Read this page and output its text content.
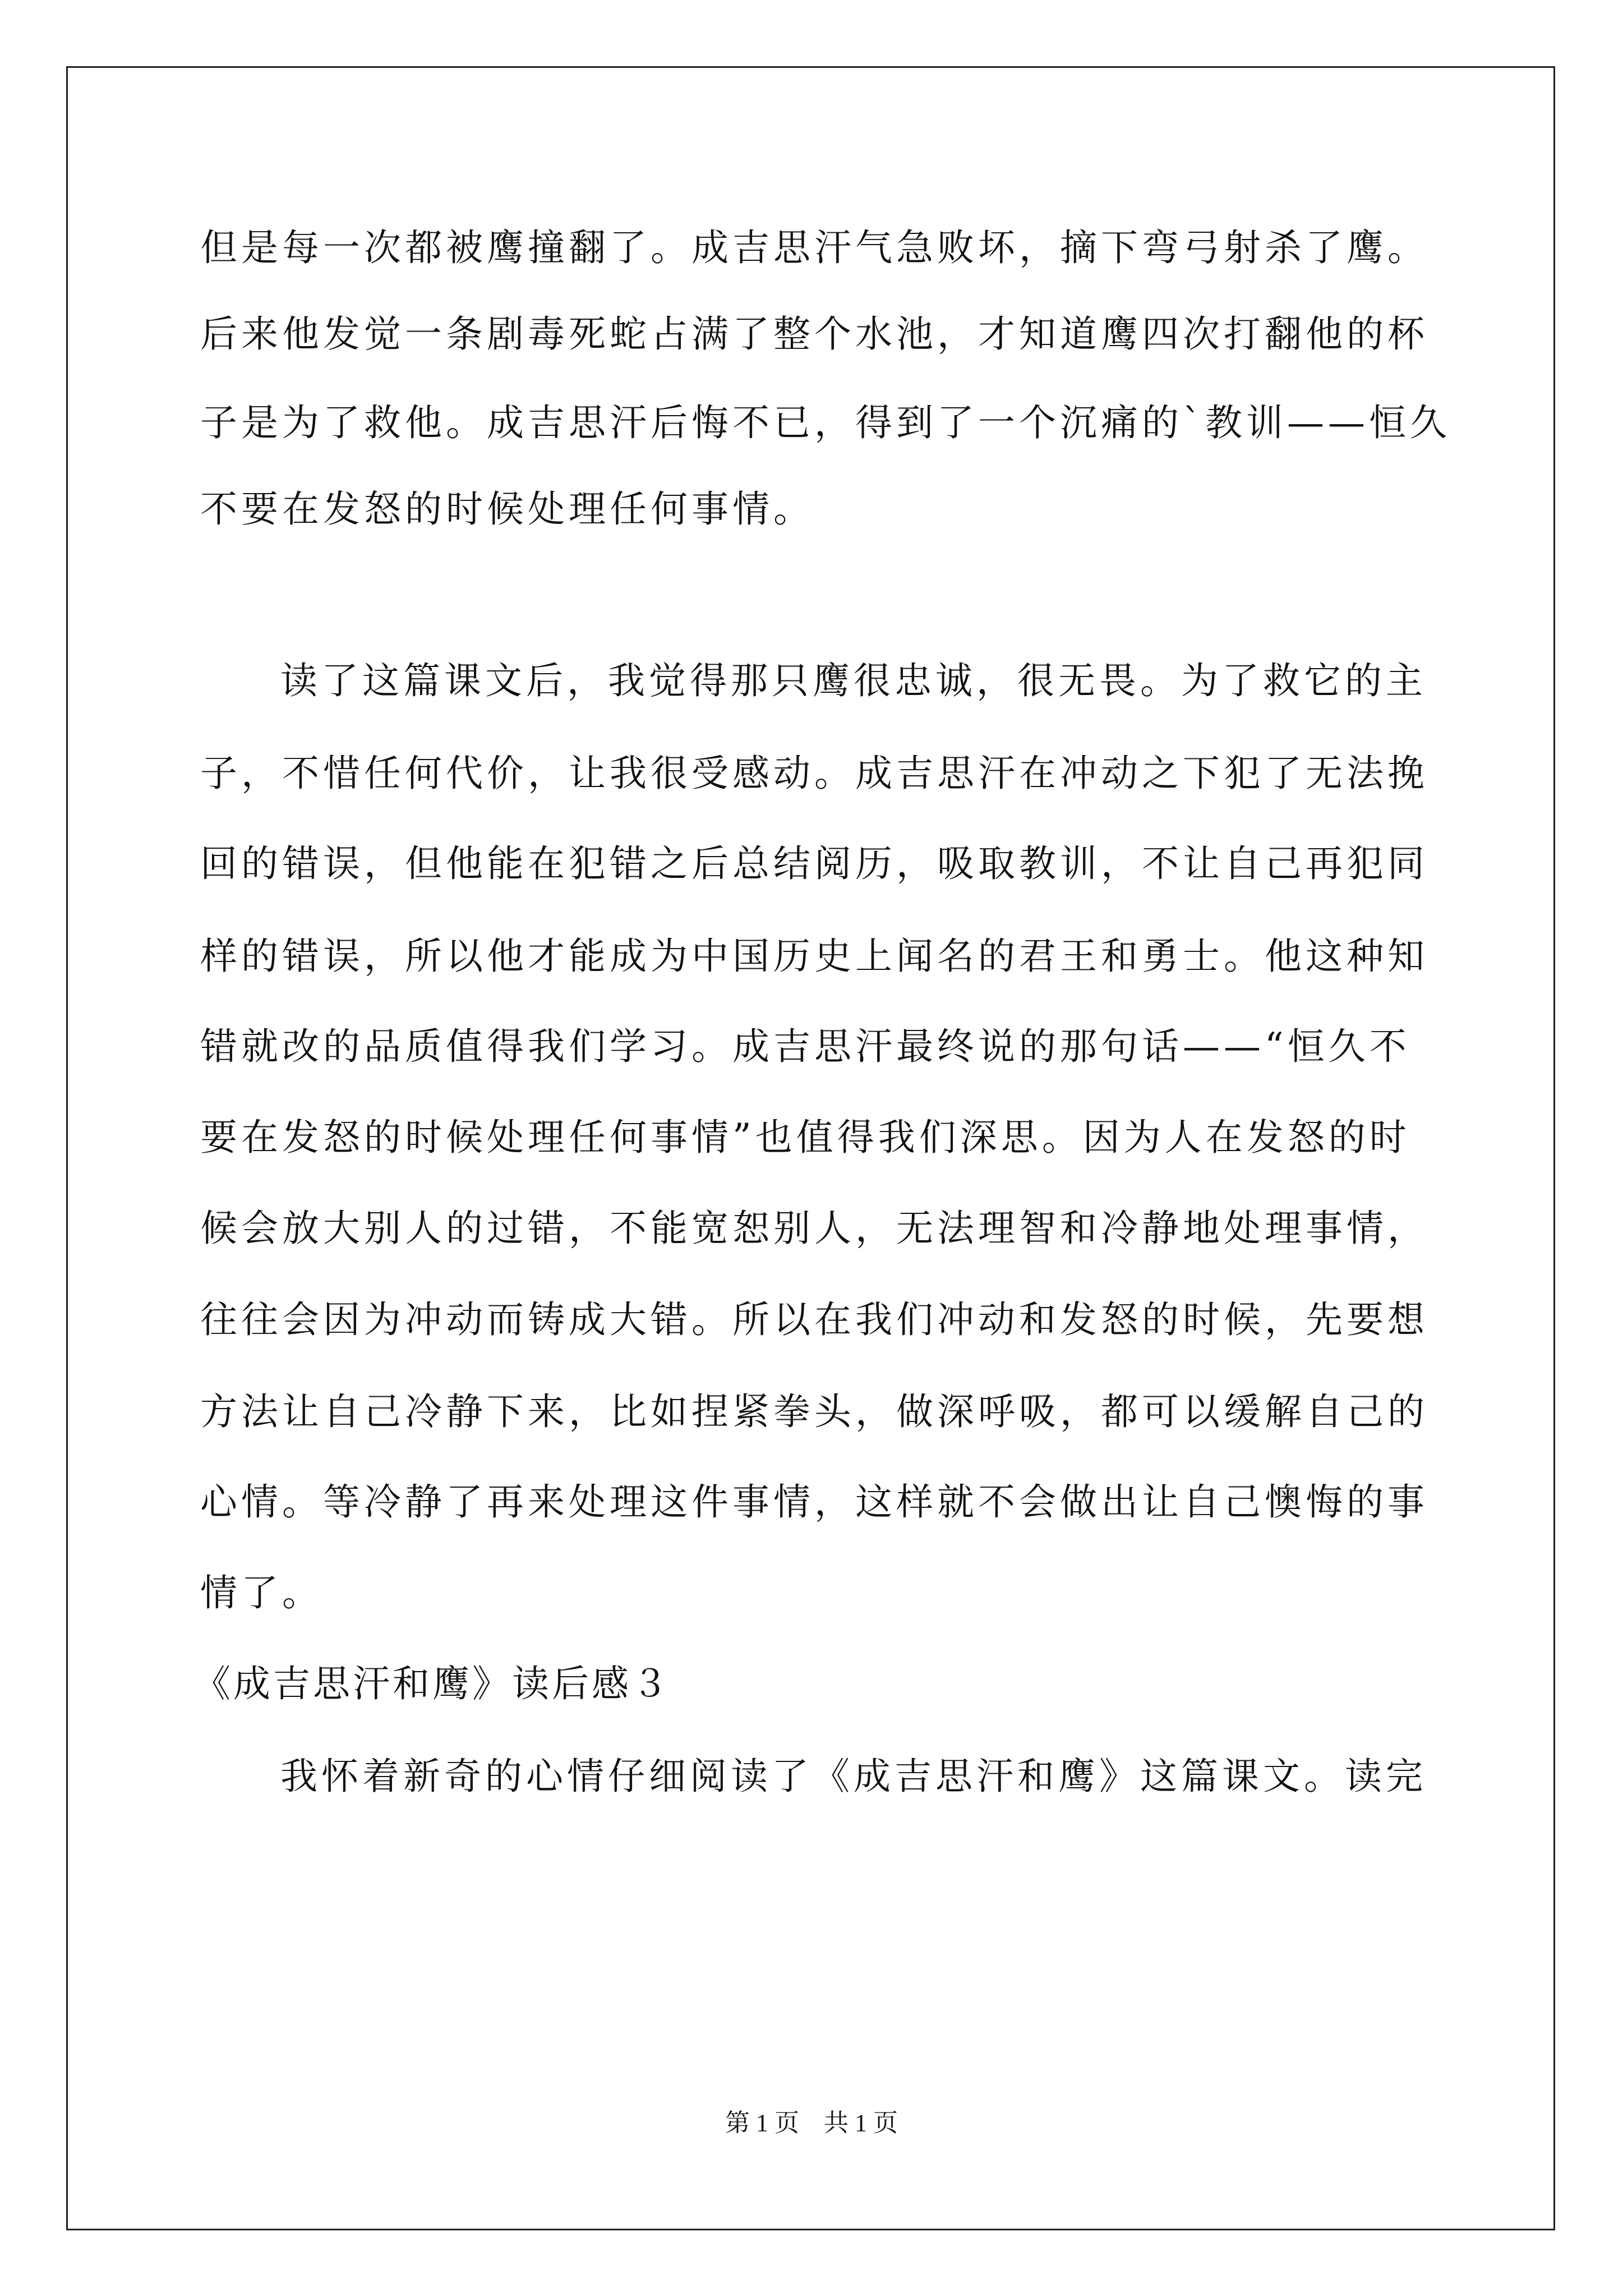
但是每一次都被鹰撞翻了。成吉思汗气急败坏，摘下弯弓射杀了鹰。
后来他发觉一条剧毒死蛇占满了整个水池，才知道鹰四次打翻他的杯
子是为了救他。成吉思汗后悔不已，得到了一个沉痛的`教训——恒久
不要在发怒的时候处理任何事情。
读了这篇课文后，我觉得那只鹰很忠诚，很无畏。为了救它的主
子，不惜任何代价，让我很受感动。成吉思汗在冲动之下犯了无法挽
回的错误，但他能在犯错之后总结阅历，吸取教训，不让自己再犯同
样的错误，所以他才能成为中国历史上闻名的君王和勇士。他这种知
错就改的品质值得我们学习。成吉思汗最终说的那句话——“恒久不
要在发怒的时候处理任何事情”也值得我们深思。因为人在发怒的时
候会放大别人的过错，不能宽恕别人，无法理智和冷静地处理事情，
往往会因为冲动而铸成大错。所以在我们冲动和发怒的时候，先要想
方法让自己冷静下来，比如捏紧拳头，做深呼吸，都可以缓解自己的
心情。等冷静了再来处理这件事情，这样就不会做出让自己懊悔的事
情了。
《成吉思汗和鹰》读后感３
我怀着新奇的心情仔细阅读了《成吉思汗和鹰》这篇课文。读完
第 1 页　共 1 页
